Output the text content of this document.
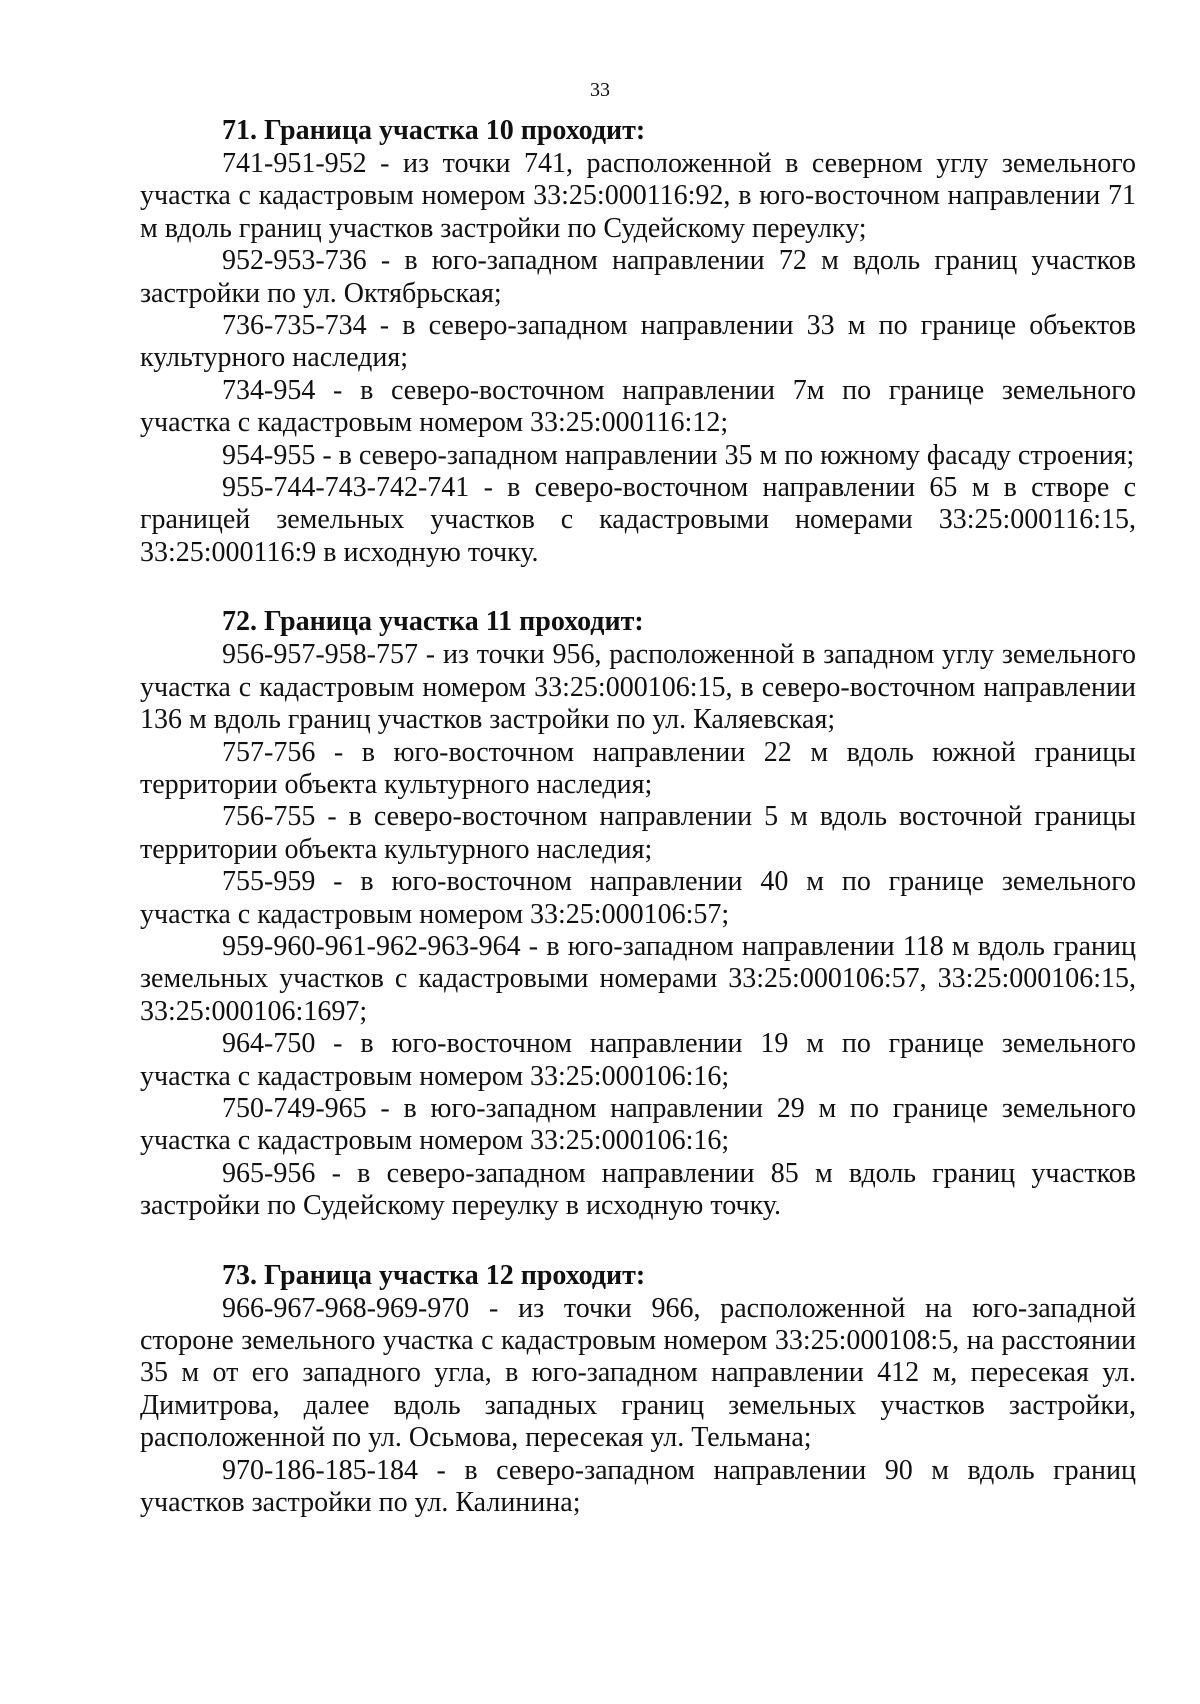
33
71. Граница участка 10 проходит:

741-951-952 - из точки 741, расположенной в северном углу земельного участка с кадастровым номером 33:25:000116:92, в юго-восточном направлении 71 м вдоль границ участков застройки по Судейскому переулку;

952-953-736 - в юго-западном направлении 72 м вдоль границ участков застройки по ул. Октябрьская;

736-735-734 - в северо-западном направлении 33 м по границе объектов культурного наследия;

734-954 - в северо-восточном направлении 7м по границе земельного участка с кадастровым номером 33:25:000116:12;

954-955 - в северо-западном направлении 35 м по южному фасаду строения;

955-744-743-742-741 - в северо-восточном направлении 65 м в створе с границей земельных участков с кадастровыми номерами 33:25:000116:15, 33:25:000116:9 в исходную точку.

72. Граница участка 11 проходит:

956-957-958-757 - из точки 956, расположенной в западном углу земельного участка с кадастровым номером 33:25:000106:15, в северо-восточном направлении 136 м вдоль границ участков застройки по ул. Каляевская;

757-756 - в юго-восточном направлении 22 м вдоль южной границы территории объекта культурного наследия;

756-755 - в северо-восточном направлении 5 м вдоль восточной границы территории объекта культурного наследия;

755-959 - в юго-восточном направлении 40 м по границе земельного участка с кадастровым номером 33:25:000106:57;

959-960-961-962-963-964 - в юго-западном направлении 118 м вдоль границ земельных участков с кадастровыми номерами 33:25:000106:57, 33:25:000106:15, 33:25:000106:1697;

964-750 - в юго-восточном направлении 19 м по границе земельного участка с кадастровым номером 33:25:000106:16;

750-749-965 - в юго-западном направлении 29 м по границе земельного участка с кадастровым номером 33:25:000106:16;

965-956 - в северо-западном направлении 85 м вдоль границ участков застройки по Судейскому переулку в исходную точку.

73. Граница участка 12 проходит:

966-967-968-969-970 - из точки 966, расположенной на юго-западной стороне земельного участка с кадастровым номером 33:25:000108:5, на расстоянии 35 м от его западного угла, в юго-западном направлении 412 м, пересекая ул. Димитрова, далее вдоль западных границ земельных участков застройки, расположенной по ул. Осьмова, пересекая ул. Тельмана;

970-186-185-184 - в северо-западном направлении 90 м вдоль границ участков застройки по ул. Калинина;
